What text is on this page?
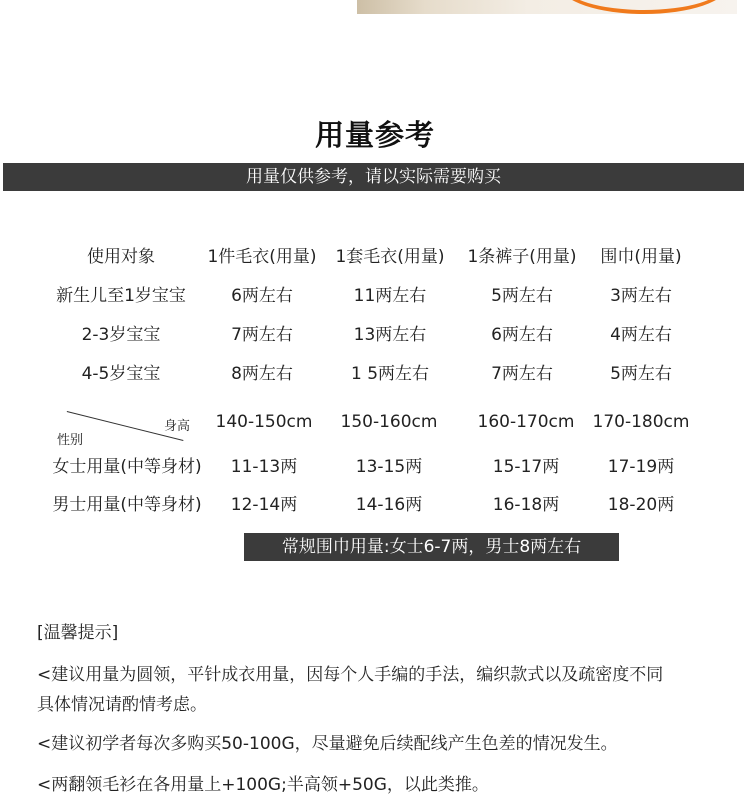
用量参考
用量仅供参考，请以实际需要购买
使用对象	1件毛衣(用量) 1套毛衣(用量) 1条裤子(用量) 围巾(用量)
新生儿至1岁宝宝	6两左右	11两左右	5两左右	3两左右
2-3岁宝宝	7两左右	13两左右	6两左右	4两左右
4-5岁宝宝	8两左右	1 5两左右	7两左右	5两左右
身高
性别
140-150cm 150-160cm 160-170cm 170-180cm
女士用量(中等身材) 11-13两	13-15两	15-17两	17-19两
男士用量(中等身材) 12-14两	14-16两	16-18两	18-20两
常规围巾用量:女士6-7两，男士8两左右
[温馨提示]
<建议用量为圆领，平针成衣用量，因每个人手编的手法，编织款式以及疏密度不同
具体情况请酌情考虑。
<建议初学者每次多购买50-100G，尽量避免后续配线产生色差的情况发生。
<两翻领毛衫在各用量上+100G;半高领+50G，以此类推。
